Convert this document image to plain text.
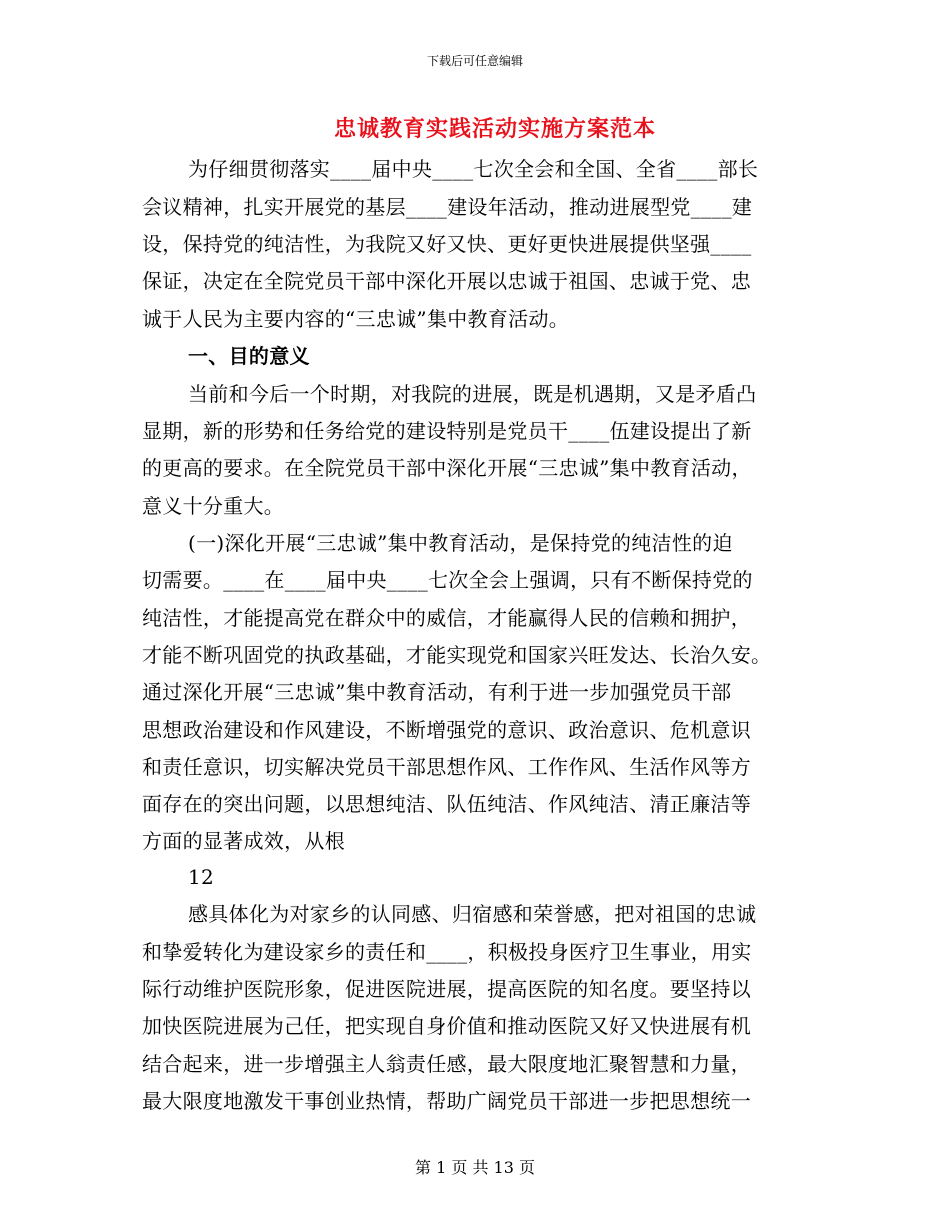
下载后可任意编辑
忠诚教育实践活动实施方案范本
为仔细贯彻落实____届中央____七次全会和全国、全省____部长
会议精神，扎实开展党的基层____建设年活动，推动进展型党____建
设，保持党的纯洁性，为我院又好又快、更好更快进展提供坚强____
保证，决定在全院党员干部中深化开展以忠诚于祖国、忠诚于党、忠
诚于人民为主要内容的“三忠诚”集中教育活动。
一、目的意义
当前和今后一个时期，对我院的进展，既是机遇期，又是矛盾凸
显期，新的形势和任务给党的建设特别是党员干____伍建设提出了新
的更高的要求。在全院党员干部中深化开展“三忠诚”集中教育活动，
意义十分重大。
(一)深化开展“三忠诚”集中教育活动，是保持党的纯洁性的迫
切需要。____在____届中央____七次全会上强调，只有不断保持党的
纯洁性，才能提高党在群众中的威信，才能赢得人民的信赖和拥护，
才能不断巩固党的执政基础，才能实现党和国家兴旺发达、长治久安。
通过深化开展“三忠诚”集中教育活动，有利于进一步加强党员干部
思想政治建设和作风建设，不断增强党的意识、政治意识、危机意识
和责任意识，切实解决党员干部思想作风、工作作风、生活作风等方
面存在的突出问题，以思想纯洁、队伍纯洁、作风纯洁、清正廉洁等
方面的显著成效，从根
12
感具体化为对家乡的认同感、归宿感和荣誉感，把对祖国的忠诚
和挚爱转化为建设家乡的责任和____，积极投身医疗卫生事业，用实
际行动维护医院形象，促进医院进展，提高医院的知名度。要坚持以
加快医院进展为己任，把实现自身价值和推动医院又好又快进展有机
结合起来，进一步增强主人翁责任感，最大限度地汇聚智慧和力量，
最大限度地激发干事创业热情，帮助广阔党员干部进一步把思想统一
第 1 页 共 13 页
